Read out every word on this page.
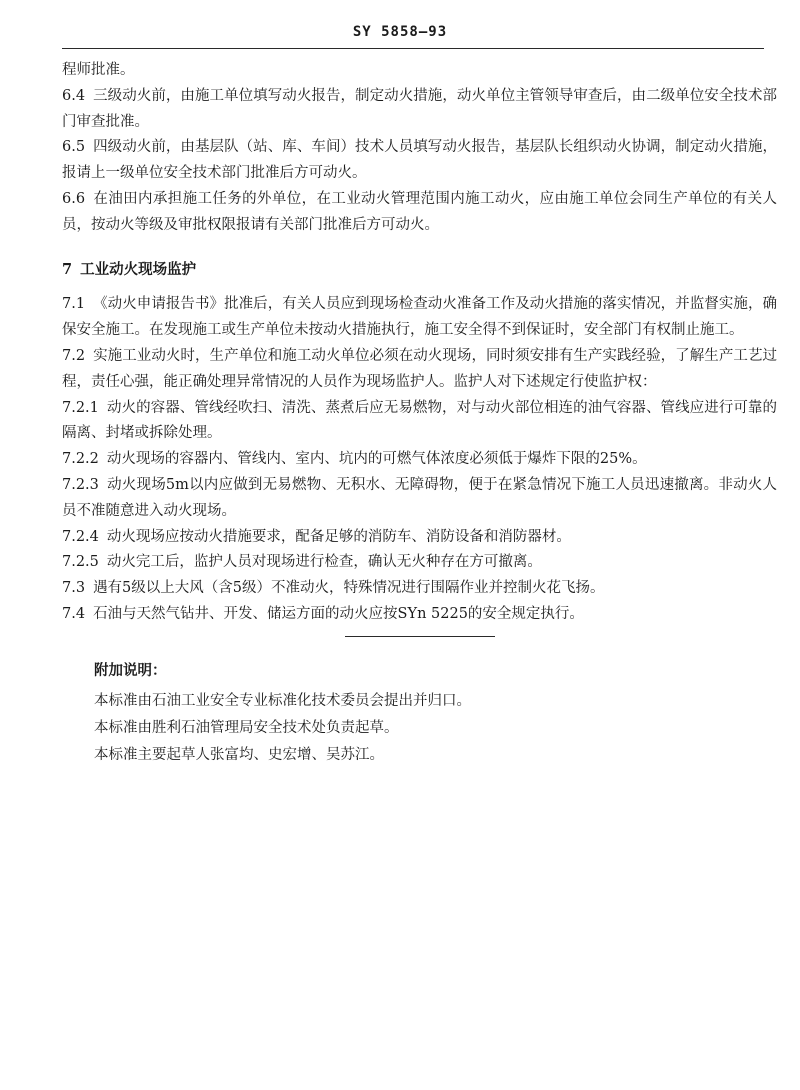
SY 5858—93

程师批准。

6.4 三级动火前，由施工单位填写动火报告，制定动火措施，动火单位主管领导审查后，由二级单位安全技术部门审查批准。

6.5 四级动火前，由基层队（站、库、车间）技术人员填写动火报告，基层队长组织动火协调，制定动火措施，报请上一级单位安全技术部门批准后方可动火。

6.6 在油田内承担施工任务的外单位，在工业动火管理范围内施工动火，应由施工单位会同生产单位的有关人员，按动火等级及审批权限报请有关部门批准后方可动火。

7 工业动火现场监护

7.1 《动火申请报告书》批准后，有关人员应到现场检查动火准备工作及动火措施的落实情况，并监督实施，确保安全施工。在发现施工或生产单位未按动火措施执行，施工安全得不到保证时，安全部门有权制止施工。

7.2 实施工业动火时，生产单位和施工动火单位必须在动火现场，同时须安排有生产实践经验，了解生产工艺过程，责任心强，能正确处理异常情况的人员作为现场监护人。监护人对下述规定行使监护权：

7.2.1 动火的容器、管线经吹扫、清洗、蒸煮后应无易燃物，对与动火部位相连的油气容器、管线应进行可靠的隔离、封堵或拆除处理。

7.2.2 动火现场的容器内、管线内、室内、坑内的可燃气体浓度必须低于爆炸下限的25%。

7.2.3 动火现场5m以内应做到无易燃物、无积水、无障碍物，便于在紧急情况下施工人员迅速撤离。非动火人员不准随意进入动火现场。

7.2.4 动火现场应按动火措施要求，配备足够的消防车、消防设备和消防器材。

7.2.5 动火完工后，监护人员对现场进行检查，确认无火种存在方可撤离。

7.3 遇有5级以上大风（含5级）不准动火，特殊情况进行围隔作业并控制火花飞扬。

7.4 石油与天然气钻井、开发、储运方面的动火应按SYn 5225的安全规定执行。

附加说明：
本标准由石油工业安全专业标准化技术委员会提出并归口。
本标准由胜利石油管理局安全技术处负责起草。
本标准主要起草人张富均、史宏增、吴苏江。
